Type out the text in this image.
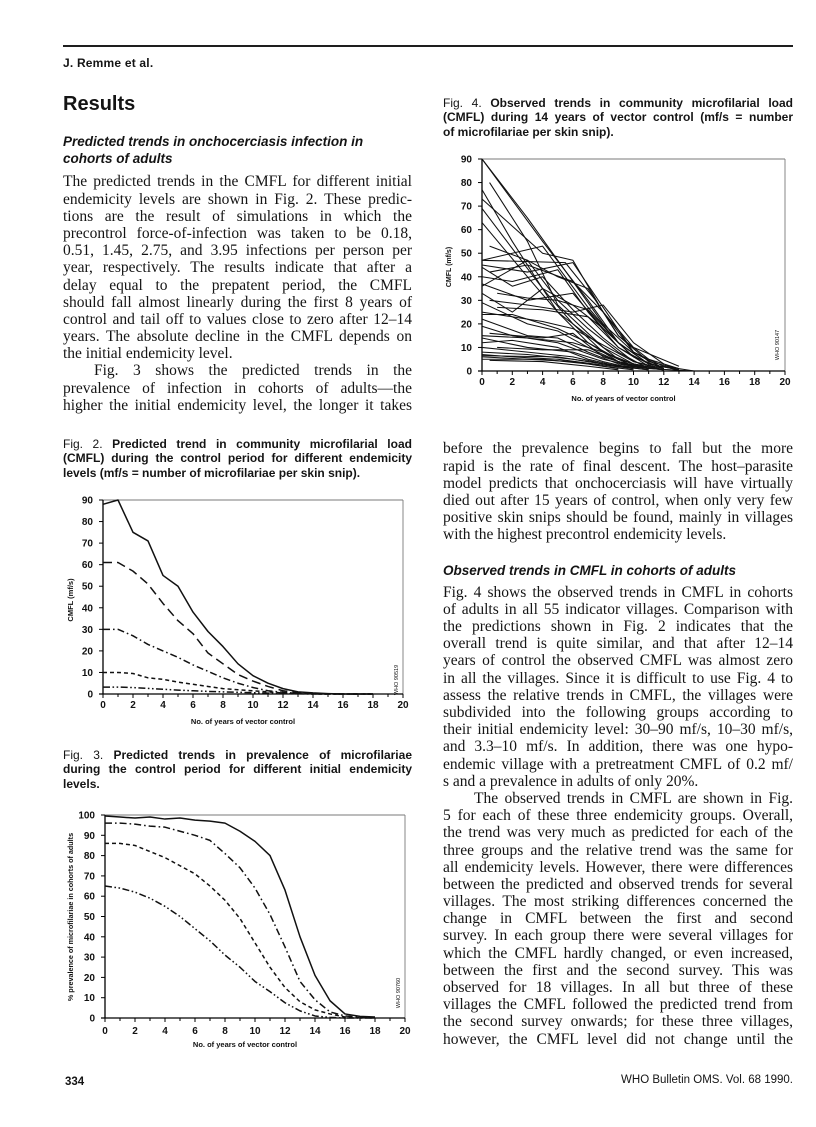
J. Remme et al.
Results
Predicted trends in onchocerciasis infection in
cohorts of adults
The predicted trends in the CMFL for different initial
endemicity levels are shown in Fig. 2. These predic-
tions are the result of simulations in which the
precontrol force-of-infection was taken to be 0.18,
0.51, 1.45, 2.75, and 3.95 infections per person per
year, respectively. The results indicate that after a
delay equal to the prepatent period, the CMFL
should fall almost linearly during the first 8 years of
control and tail off to values close to zero after 12–14
years. The absolute decline in the CMFL depends on
the initial endemicity level.
Fig. 3 shows the predicted trends in the
prevalence of infection in cohorts of adults—the
higher the initial endemicity level, the longer it takes
Fig. 2. Predicted trend in community microfilarial load
(CMFL) during the control period for different endemicity
levels (mf/s = number of microfilariae per skin snip).
Fig. 3. Predicted trends in prevalence of microfilariae
during the control period for different initial endemicity
levels.
Fig. 4. Observed trends in community microfilarial load
(CMFL) during 14 years of vector control (mf/s = number
of microfilariae per skin snip).
before the prevalence begins to fall but the more
rapid is the rate of final descent. The host–parasite
model predicts that onchocerciasis will have virtually
died out after 15 years of control, when only very few
positive skin snips should be found, mainly in villages
with the highest precontrol endemicity levels.
Observed trends in CMFL in cohorts of adults
Fig. 4 shows the observed trends in CMFL in cohorts
of adults in all 55 indicator villages. Comparison with
the predictions shown in Fig. 2 indicates that the
overall trend is quite similar, and that after 12–14
years of control the observed CMFL was almost zero
in all the villages. Since it is difficult to use Fig. 4 to
assess the relative trends in CMFL, the villages were
subdivided into the following groups according to
their initial endemicity level: 30–90 mf/s, 10–30 mf/s,
and 3.3–10 mf/s. In addition, there was one hypo-
endemic village with a pretreatment CMFL of 0.2 mf/
s and a prevalence in adults of only 20%.
The observed trends in CMFL are shown in Fig.
5 for each of these three endemicity groups. Overall,
the trend was very much as predicted for each of the
three groups and the relative trend was the same for
all endemicity levels. However, there were differences
between the predicted and observed trends for several
villages. The most striking differences concerned the
change in CMFL between the first and second
survey. In each group there were several villages for
which the CMFL hardly changed, or even increased,
between the first and the second survey. This was
observed for 18 villages. In all but three of these
villages the CMFL followed the predicted trend from
the second survey onwards; for these three villages,
however, the CMFL level did not change until the
334	WHO Bulletin OMS. Vol. 68 1990.
0 2 4 6 8 10 12 14 16 18 20
0
10
20
30
40
50
60
70
80
90
No. of years of vector control
CMFL (mf/s)
WHO 90519
0 2 4 6 8 10 12 14 16 18 20
0
10
20
30
40
50
60
70
80
90
100
No. of years of vector control
% prevalence of microfilariae in cohorts of adults	WHO 90760
0 2 4 6 8 10 12 14 16 18 20
0
10
20
30
40
50
60
70
80
90
No. of years of vector control
CMFL (mf/s)
WHO 90147
